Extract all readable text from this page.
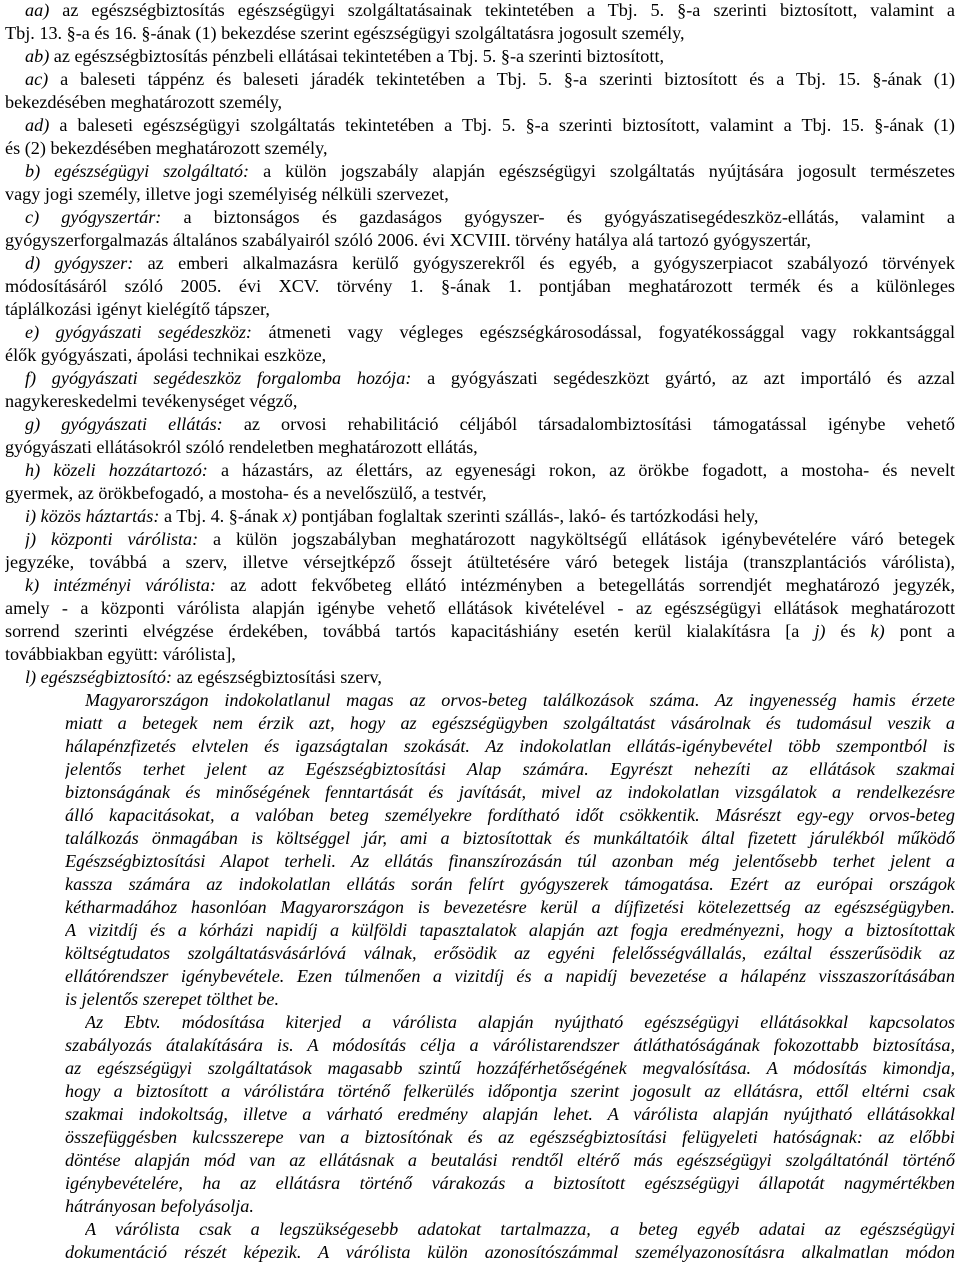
aa) az egészségbiztosítás egészségügyi szolgáltatásainak tekintetében a Tbj. 5. §-a szerinti biztosított, valamint a
Tbj. 13. §-a és 16. §-ának (1) bekezdése szerint egészségügyi szolgáltatásra jogosult személy,
ab) az egészségbiztosítás pénzbeli ellátásai tekintetében a Tbj. 5. §-a szerinti biztosított,
ac) a baleseti táppénz és baleseti járadék tekintetében a Tbj. 5. §-a szerinti biztosított és a Tbj. 15. §-ának (1)
bekezdésében meghatározott személy,
ad) a baleseti egészségügyi szolgáltatás tekintetében a Tbj. 5. §-a szerinti biztosított, valamint a Tbj. 15. §-ának (1)
és (2) bekezdésében meghatározott személy,
b) egészségügyi szolgáltató: a külön jogszabály alapján egészségügyi szolgáltatás nyújtására jogosult természetes
vagy jogi személy, illetve jogi személyiség nélküli szervezet,
c) gyógyszertár: a biztonságos és gazdaságos gyógyszer- és gyógyászatisegédeszköz-ellátás, valamint a
gyógyszerforgalmazás általános szabályairól szóló 2006. évi XCVIII. törvény hatálya alá tartozó gyógyszertár,
d) gyógyszer: az emberi alkalmazásra kerülő gyógyszerekről és egyéb, a gyógyszerpiacot szabályozó törvények
módosításáról szóló 2005. évi XCV. törvény 1. §-ának 1. pontjában meghatározott termék és a különleges
táplálkozási igényt kielégítő tápszer,
e) gyógyászati segédeszköz: átmeneti vagy végleges egészségkárosodással, fogyatékossággal vagy rokkantsággal
élők gyógyászati, ápolási technikai eszköze,
f) gyógyászati segédeszköz forgalomba hozója: a gyógyászati segédeszközt gyártó, az azt importáló és azzal
nagykereskedelmi tevékenységet végző,
g) gyógyászati ellátás: az orvosi rehabilitáció céljából társadalombiztosítási támogatással igénybe vehető
gyógyászati ellátásokról szóló rendeletben meghatározott ellátás,
h) közeli hozzátartozó: a házastárs, az élettárs, az egyenesági rokon, az örökbe fogadott, a mostoha- és nevelt
gyermek, az örökbefogadó, a mostoha- és a nevelőszülő, a testvér,
i) közös háztartás: a Tbj. 4. §-ának x) pontjában foglaltak szerinti szállás-, lakó- és tartózkodási hely,
j) központi várólista: a külön jogszabályban meghatározott nagyköltségű ellátások igénybevételére váró betegek
jegyzéke, továbbá a szerv, illetve vérsejtképző őssejt átültetésére váró betegek listája (transzplantációs várólista),
k) intézményi várólista: az adott fekvőbeteg ellátó intézményben a betegellátás sorrendjét meghatározó jegyzék,
amely - a központi várólista alapján igénybe vehető ellátások kivételével - az egészségügyi ellátások meghatározott
sorrend szerinti elvégzése érdekében, továbbá tartós kapacitáshiány esetén kerül kialakításra [a j) és k) pont a
továbbiakban együtt: várólista],
l) egészségbiztosító: az egészségbiztosítási szerv,
Magyarországon indokolatlanul magas az orvos-beteg találkozások száma. Az ingyenesség hamis érzete
miatt a betegek nem érzik azt, hogy az egészségügyben szolgáltatást vásárolnak és tudomásul veszik a
hálapénzfizetés elvtelen és igazságtalan szokását. Az indokolatlan ellátás-igénybevétel több szempontból is
jelentős terhet jelent az Egészségbiztosítási Alap számára. Egyrészt nehezíti az ellátások szakmai
biztonságának és minőségének fenntartását és javítását, mivel az indokolatlan vizsgálatok a rendelkezésre
álló kapacitásokat, a valóban beteg személyekre fordítható időt csökkentik. Másrészt egy-egy orvos-beteg
találkozás önmagában is költséggel jár, ami a biztosítottak és munkáltatóik által fizetett járulékból működő
Egészségbiztosítási Alapot terheli. Az ellátás finanszírozásán túl azonban még jelentősebb terhet jelent a
kassza számára az indokolatlan ellátás során felírt gyógyszerek támogatása. Ezért az európai országok
kétharmadához hasonlóan Magyarországon is bevezetésre kerül a díjfizetési kötelezettség az egészségügyben.
A vizitdíj és a kórházi napidíj a külföldi tapasztalatok alapján azt fogja eredményezni, hogy a biztosítottak
költségtudatos szolgáltatásvásárlóvá válnak, erősödik az egyéni felelősségvállalás, ezáltal ésszerűsödik az
ellátórendszer igénybevétele. Ezen túlmenően a vizitdíj és a napidíj bevezetése a hálapénz visszaszorításában
is jelentős szerepet tölthet be.
Az Ebtv. módosítása kiterjed a várólista alapján nyújtható egészségügyi ellátásokkal kapcsolatos
szabályozás átalakítására is. A módosítás célja a várólistarendszer átláthatóságának fokozottabb biztosítása,
az egészségügyi szolgáltatások magasabb szintű hozzáférhetőségének megvalósítása. A módosítás kimondja,
hogy a biztosított a várólistára történő felkerülés időpontja szerint jogosult az ellátásra, ettől eltérni csak
szakmai indokoltság, illetve a várható eredmény alapján lehet. A várólista alapján nyújtható ellátásokkal
összefüggésben kulcsszerepe van a biztosítónak és az egészségbiztosítási felügyeleti hatóságnak: az előbbi
döntése alapján mód van az ellátásnak a beutalási rendtől eltérő más egészségügyi szolgáltatónál történő
igénybevételére, ha az ellátásra történő várakozás a biztosított egészségügyi állapotát nagymértékben
hátrányosan befolyásolja.
A várólista csak a legszükségesebb adatokat tartalmazza, a beteg egyéb adatai az egészségügyi
dokumentáció részét képezik. A várólista külön azonosítószámmal személyazonosításra alkalmatlan módon
